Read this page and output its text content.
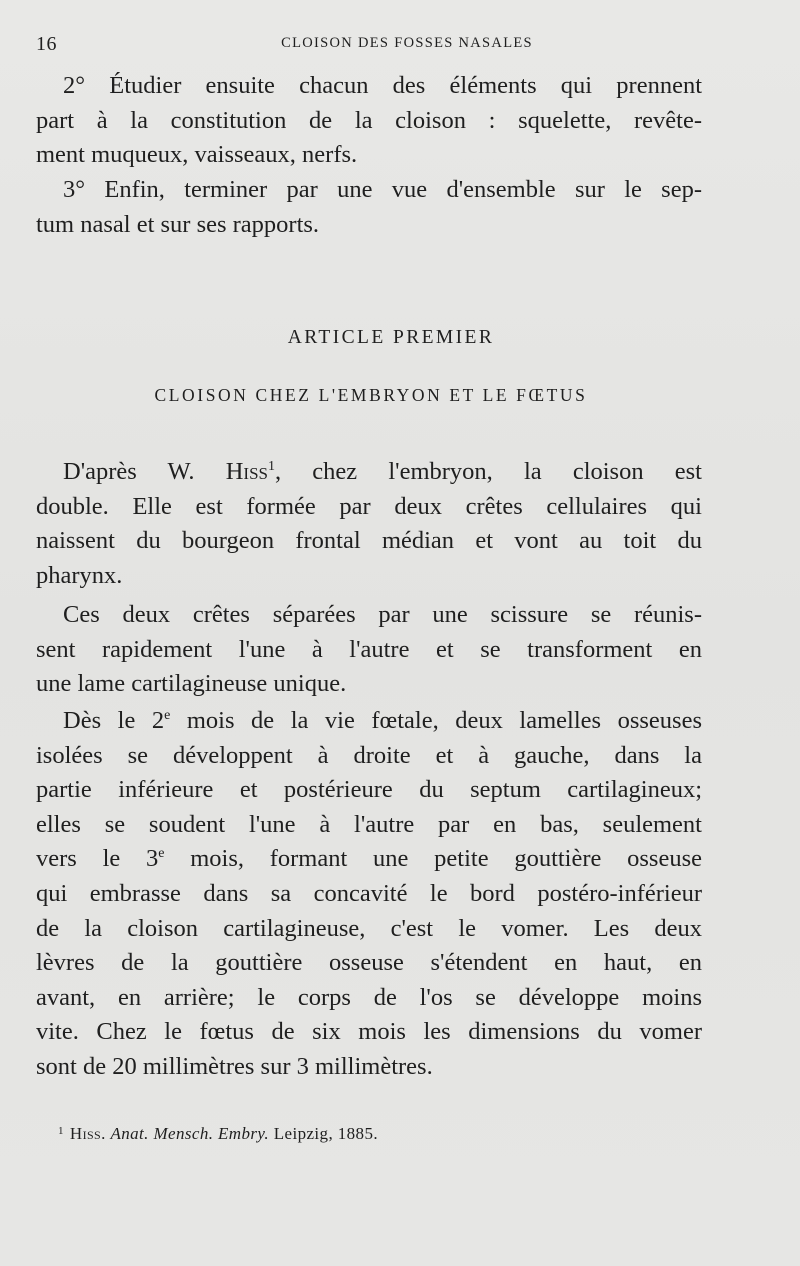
16	CLOISON DES FOSSES NASALES

2° Étudier ensuite chacun des éléments qui prennent
part à la constitution de la cloison : squelette, revête-
ment muqueux, vaisseaux, nerfs.

3° Enfin, terminer par une vue d'ensemble sur le sep-
tum nasal et sur ses rapports.

ARTICLE PREMIER
CLOISON CHEZ L'EMBRYON ET LE FŒTUS

D'après W. Hiss$^1$, chez l'embryon, la cloison est
double. Elle est formée par deux crêtes cellulaires qui
naissent du bourgeon frontal médian et vont au toit du
pharynx.

Ces deux crêtes séparées par une scissure se réunis-
sent rapidement l'une à l'autre et se transforment en
une lame cartilagineuse unique.

Dès le 2e mois de la vie fœtale, deux lamelles osseuses
isolées se développent à droite et à gauche, dans la
partie inférieure et postérieure du septum cartilagineux;
elles se soudent l'une à l'autre par en bas, seulement
vers le 3e mois, formant une petite gouttière osseuse
qui embrasse dans sa concavité le bord postéro-inférieur
de la cloison cartilagineuse, c'est le vomer. Les deux
lèvres de la gouttière osseuse s'étendent en haut, en
avant, en arrière; le corps de l'os se développe moins
vite. Chez le fœtus de six mois les dimensions du vomer
sont de 20 millimètres sur 3 millimètres.

$^1$ Hiss. Anat. Mensch. Embry. Leipzig, 1885.
